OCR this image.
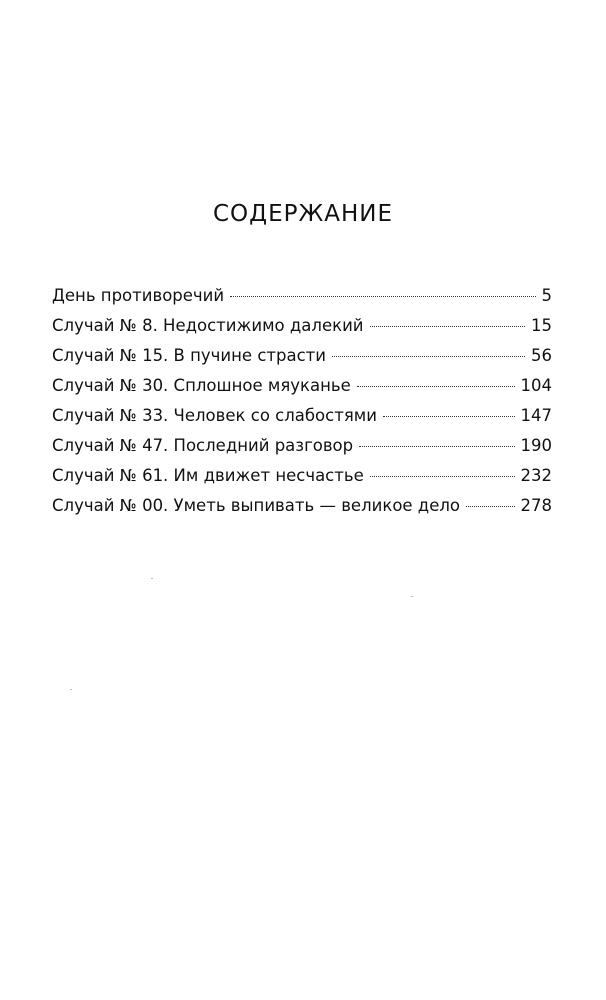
СОДЕРЖАНИЕ
День противоречий	5
Случай № 8. Недостижимо далекий	15
Случай № 15. В пучине страсти	56
Случай № 30. Сплошное мяуканье	104
Случай № 33. Человек со слабостями	147
Случай № 47. Последний разговор	190
Случай № 61. Им движет несчастье	232
Случай № 00. Уметь выпивать — великое дело	278
